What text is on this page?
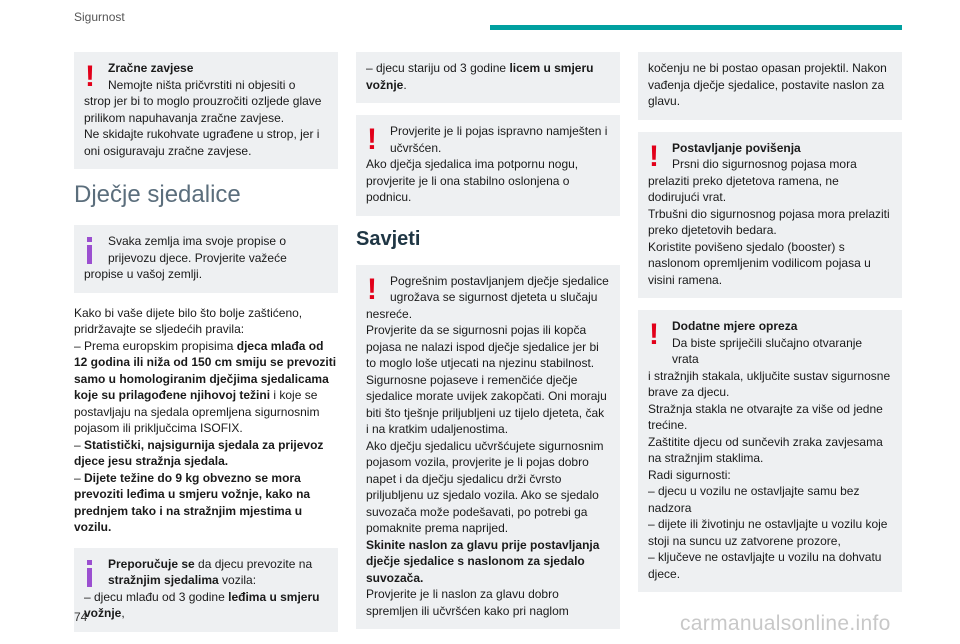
Sigurnost
!	Zračne zavjese
Nemojte ništa pričvrstiti ni objesiti o
strop jer bi to moglo prouzročiti ozljede glave prilikom napuhavanja zračne zavjese.
Ne skidajte rukohvate ugrađene u strop, jer i oni osiguravaju zračne zavjese.
Dječje sjedalice
Svaka zemlja ima svoje propise o
prijevozu djece. Provjerite važeće
propise u vašoj zemlji.

Kako bi vaše dijete bilo što bolje zaštićeno, pridržavajte se sljedećih pravila:
– Prema europskim propisima djeca mlađa od 12 godina ili niža od 150 cm smiju se prevoziti samo u homologiranim dječjima sjedalicama koje su prilagođene njihovoj težini i koje se postavljaju na sjedala opremljena sigurnosnim pojasom ili priključcima ISOFIX.
– Statistički, najsigurnija sjedala za prijevoz djece jesu stražnja sjedala.
– Dijete težine do 9 kg obvezno se mora prevoziti leđima u smjeru vožnje, kako na prednjem tako i na stražnjim mjestima u vozilu.

Preporučuje se da djecu prevozite na
stražnjim sjedalima vozila:
– djecu mlađu od 3 godine leđima u smjeru vožnje,
– djecu stariju od 3 godine licem u smjeru vožnje.
!	Provjerite je li pojas ispravno namješten i
učvršćen.
Ako dječja sjedalica ima potpornu nogu, provjerite je li ona stabilno oslonjena o podnicu.
Savjeti
!	Pogrešnim postavljanjem dječje sjedalice
ugrožava se sigurnost djeteta u slučaju
nesreće.
Provjerite da se sigurnosni pojas ili kopča pojasa ne nalazi ispod dječje sjedalice jer bi to moglo loše utjecati na njezinu stabilnost.
Sigurnosne pojaseve i remenčiće dječje sjedalice morate uvijek zakopčati. Oni moraju biti što tješnje priljubljeni uz tijelo djeteta, čak i na kratkim udaljenostima.
Ako dječju sjedalicu učvršćujete sigurnosnim pojasom vozila, provjerite je li pojas dobro napet i da dječju sjedalicu drži čvrsto priljubljenu uz sjedalo vozila. Ako se sjedalo suvozača može podešavati, po potrebi ga pomaknite prema naprijed.
Skinite naslon za glavu prije postavljanja dječje sjedalice s naslonom za sjedalo suvozača.
Provjerite je li naslon za glavu dobro spremljen ili učvršćen kako pri naglom
kočenju ne bi postao opasan projektil. Nakon vađenja dječje sjedalice, postavite naslon za glavu.
!	Postavljanje povišenja
Prsni dio sigurnosnog pojasa mora
prelaziti preko djetetova ramena, ne dodirujući vrat.
Trbušni dio sigurnosnog pojasa mora prelaziti preko djetetovih bedara.
Koristite povišeno sjedalo (booster) s naslonom opremljenim vodilicom pojasa u visini ramena.
!	Dodatne mjere opreza
Da biste spriječili slučajno otvaranje vrata
i stražnjih stakala, uključite sustav sigurnosne brave za djecu.
Stražnja stakla ne otvarajte za više od jedne trećine.
Zaštitite djecu od sunčevih zraka zavjesama na stražnjim staklima.
Radi sigurnosti:
– djecu u vozilu ne ostavljajte samu bez nadzora
– dijete ili životinju ne ostavljajte u vozilu koje stoji na suncu uz zatvorene prozore,
– ključeve ne ostavljajte u vozilu na dohvatu djece.
74	carmanualsonline.info
